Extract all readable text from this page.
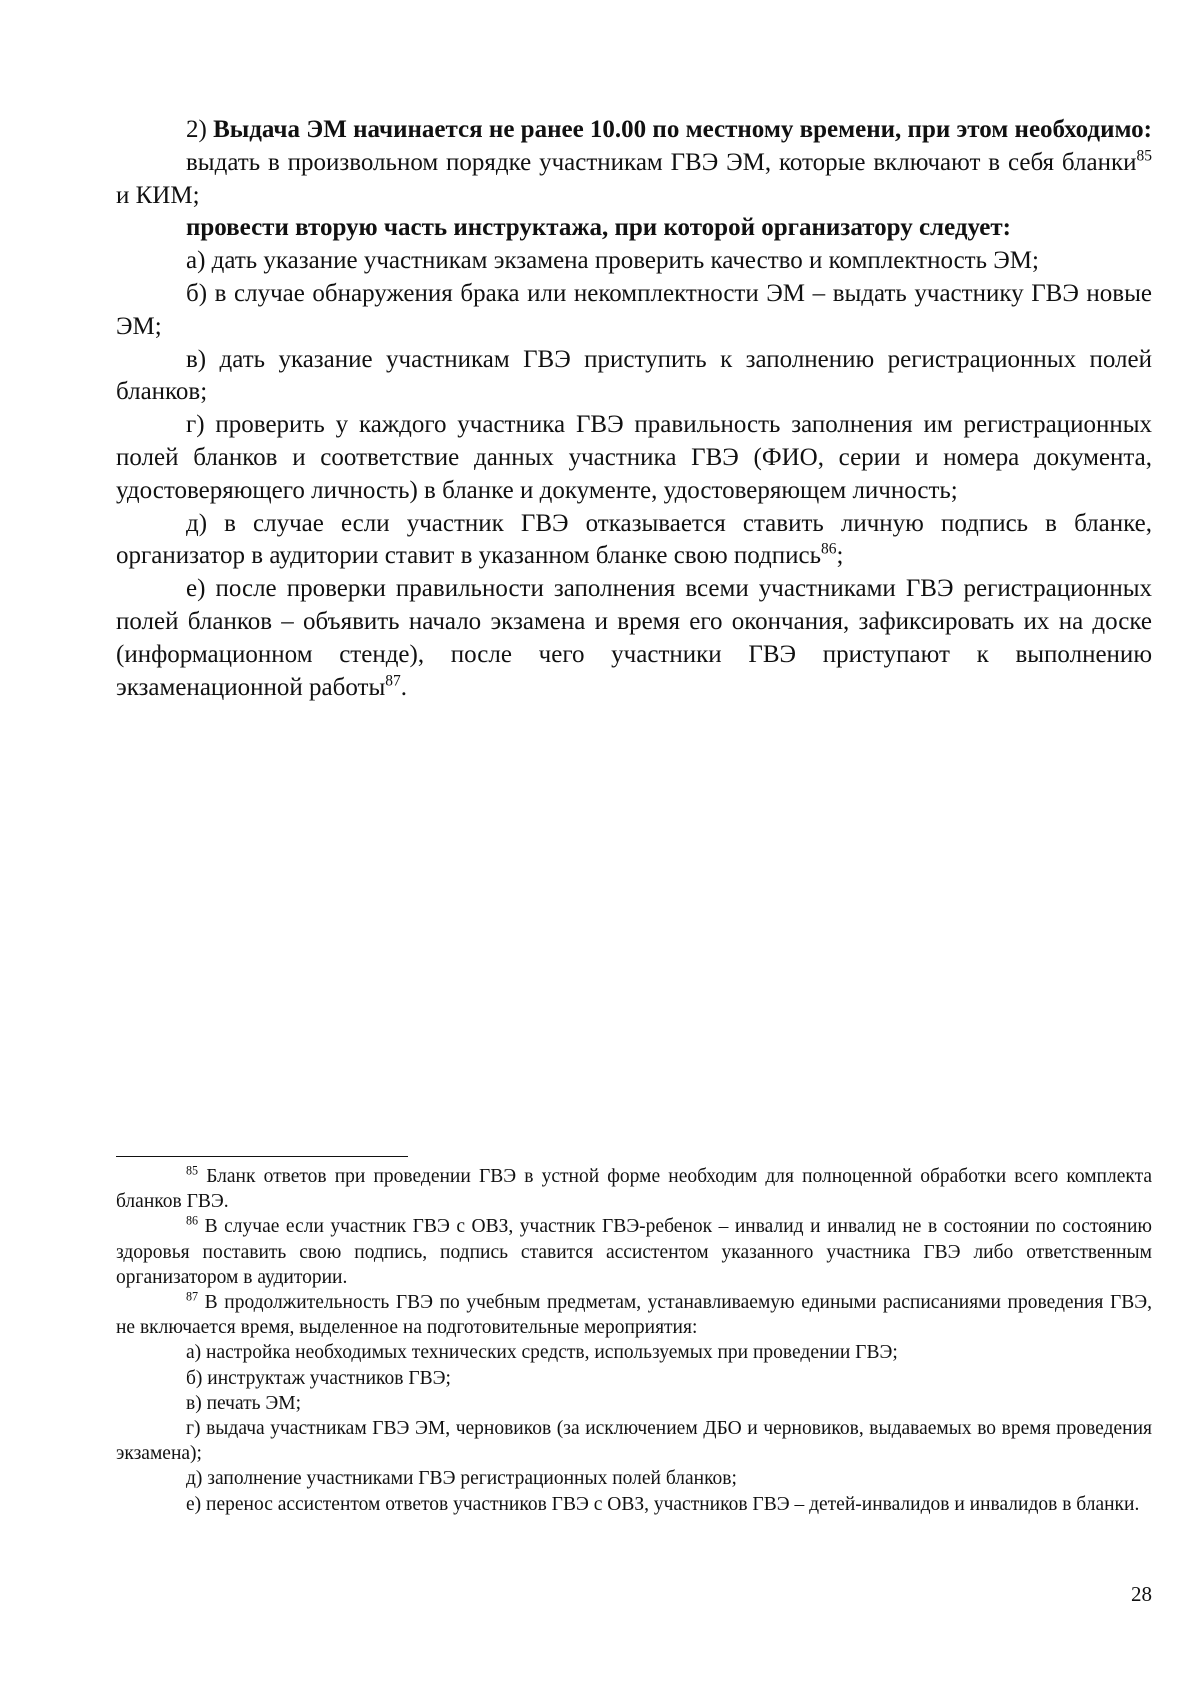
2) Выдача ЭМ начинается не ранее 10.00 по местному времени, при этом необходимо:

выдать в произвольном порядке участникам ГВЭ ЭМ, которые включают в себя бланки$^{85}$ и КИМ;

провести вторую часть инструктажа, при которой организатору следует:

а) дать указание участникам экзамена проверить качество и комплектность ЭМ;

б) в случае обнаружения брака или некомплектности ЭМ – выдать участнику ГВЭ новые ЭМ;

в) дать указание участникам ГВЭ приступить к заполнению регистрационных полей бланков;

г) проверить у каждого участника ГВЭ правильность заполнения им регистрационных полей бланков и соответствие данных участника ГВЭ (ФИО, серии и номера документа, удостоверяющего личность) в бланке и документе, удостоверяющем личность;

д) в случае если участник ГВЭ отказывается ставить личную подпись в бланке, организатор в аудитории ставит в указанном бланке свою подпись$^{86}$;

е) после проверки правильности заполнения всеми участниками ГВЭ регистрационных полей бланков – объявить начало экзамена и время его окончания, зафиксировать их на доске (информационном стенде), после чего участники ГВЭ приступают к выполнению экзаменационной работы$^{87}$.

$^{85}$ Бланк ответов при проведении ГВЭ в устной форме необходим для полноценной обработки всего комплекта бланков ГВЭ.

$^{86}$ В случае если участник ГВЭ с ОВЗ, участник ГВЭ-ребенок – инвалид и инвалид не в состоянии по состоянию здоровья поставить свою подпись, подпись ставится ассистентом указанного участника ГВЭ либо ответственным организатором в аудитории.

$^{87}$ В продолжительность ГВЭ по учебным предметам, устанавливаемую едиными расписаниями проведения ГВЭ, не включается время, выделенное на подготовительные мероприятия:

а) настройка необходимых технических средств, используемых при проведении ГВЭ;

б) инструктаж участников ГВЭ;

в) печать ЭМ;

г) выдача участникам ГВЭ ЭМ, черновиков (за исключением ДБО и черновиков, выдаваемых во время проведения экзамена);

д) заполнение участниками ГВЭ регистрационных полей бланков;

е) перенос ассистентом ответов участников ГВЭ с ОВЗ, участников ГВЭ – детей-инвалидов и инвалидов в бланки.

28
